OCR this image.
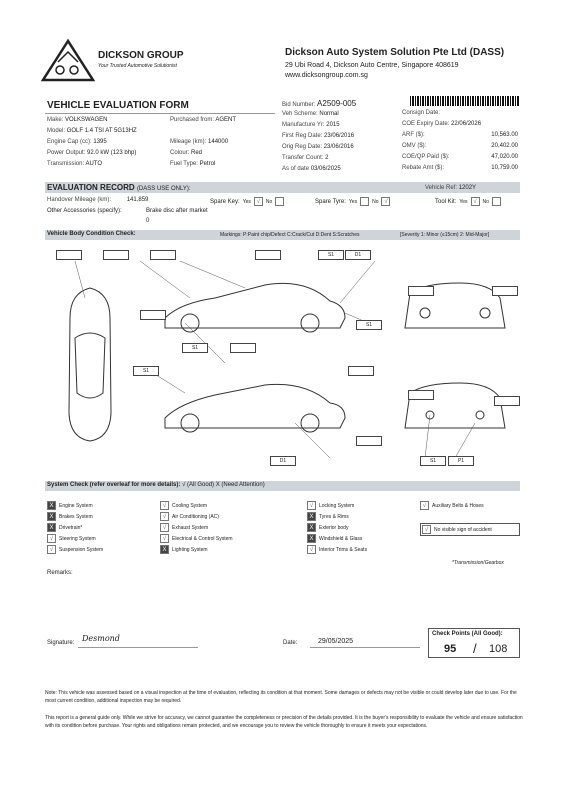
DICKSON GROUP
Your Trusted Automotive Solutionist
Dickson Auto System Solution Pte Ltd (DASS)
29 Ubi Road 4, Dickson Auto Centre, Singapore 408619
www.dicksongroup.com.sg
VEHICLE EVALUATION FORM
Make: VOLKSWAGEN
Model: GOLF 1.4 TSI AT 5G13HZ
Engine Cap (cc): 1395
Power Output: 92.0 kW (123 bhp)
Transmission: AUTO
Purchased from: AGENT
Mileage (km): 144000
Colour: Red
Fuel Type: Petrol
Bid Number: A2509-005
Veh Scheme: Normal
Manufacture Yr: 2015
First Reg Date: 23/06/2016
Orig Reg Date: 23/06/2016
Transfer Count: 2
As of date 03/06/2025
Consign Date:
COE Expiry Date: 22/06/2026
ARF ($):	10,563.00
OMV ($):	20,402.00
COE/QP Paid ($):	47,020.00
Rebate Amt ($):	10,759.00
EVALUATION RECORD (DASS USE ONLY):	Vehicle Ref: 1202Y
Handover Mileage (km):	141,859	Spare Key: Yes √	No	Spare Tyre: Yes	No √	Tool Kit: Yes √	No
Other Accessories (specify):	Brake disc after market
0
Vehicle Body Condition Check:	Markings: P:Paint chip/Defect C:Crack/Cut D:Dent S:Scratches	[Severity 1: Minor (≤15cm) 2: Mid-Major]
S1	D1
S1
S1
S1
D1	S1	P1
System Check (refer overleaf for more details): √ (All Good) X (Need Attention)
X	Engine System
X	Brakes System
X	Drivetrain*
√	Steering System
√	Suspension System
√	Cooling System
√	Air Conditioning (AC)
√	Exhaust System
√	Electrical & Control System
X	Lighting System
√	Locking System
X	Tyres & Rims
X	Exterior body
X	Windshield & Glass
√	Interior Trims & Seats
√	Auxiliary Belts & Hoses
√	No visible sign of accident
*Transmission/Gearbox
Remarks:
Check Points (All Good):
95 / 108
Signature: Desmond	Date:	29/05/2025
Note: This vehicle was assessed based on a visual inspection at the time of evaluation, reflecting its condition at that moment. Some damages or defects may not be visible or could develop later due to use. For the most current condition, additional inspection may be required.
This report is a general guide only. While we strive for accuracy, we cannot guarantee the completeness or precision of the details provided. It is the buyer's responsibility to evaluate the vehicle and ensure satisfaction with its condition before purchase. Your rights and obligations remain protected, and we encourage you to review the vehicle thoroughly to ensure it meets your expectations.
